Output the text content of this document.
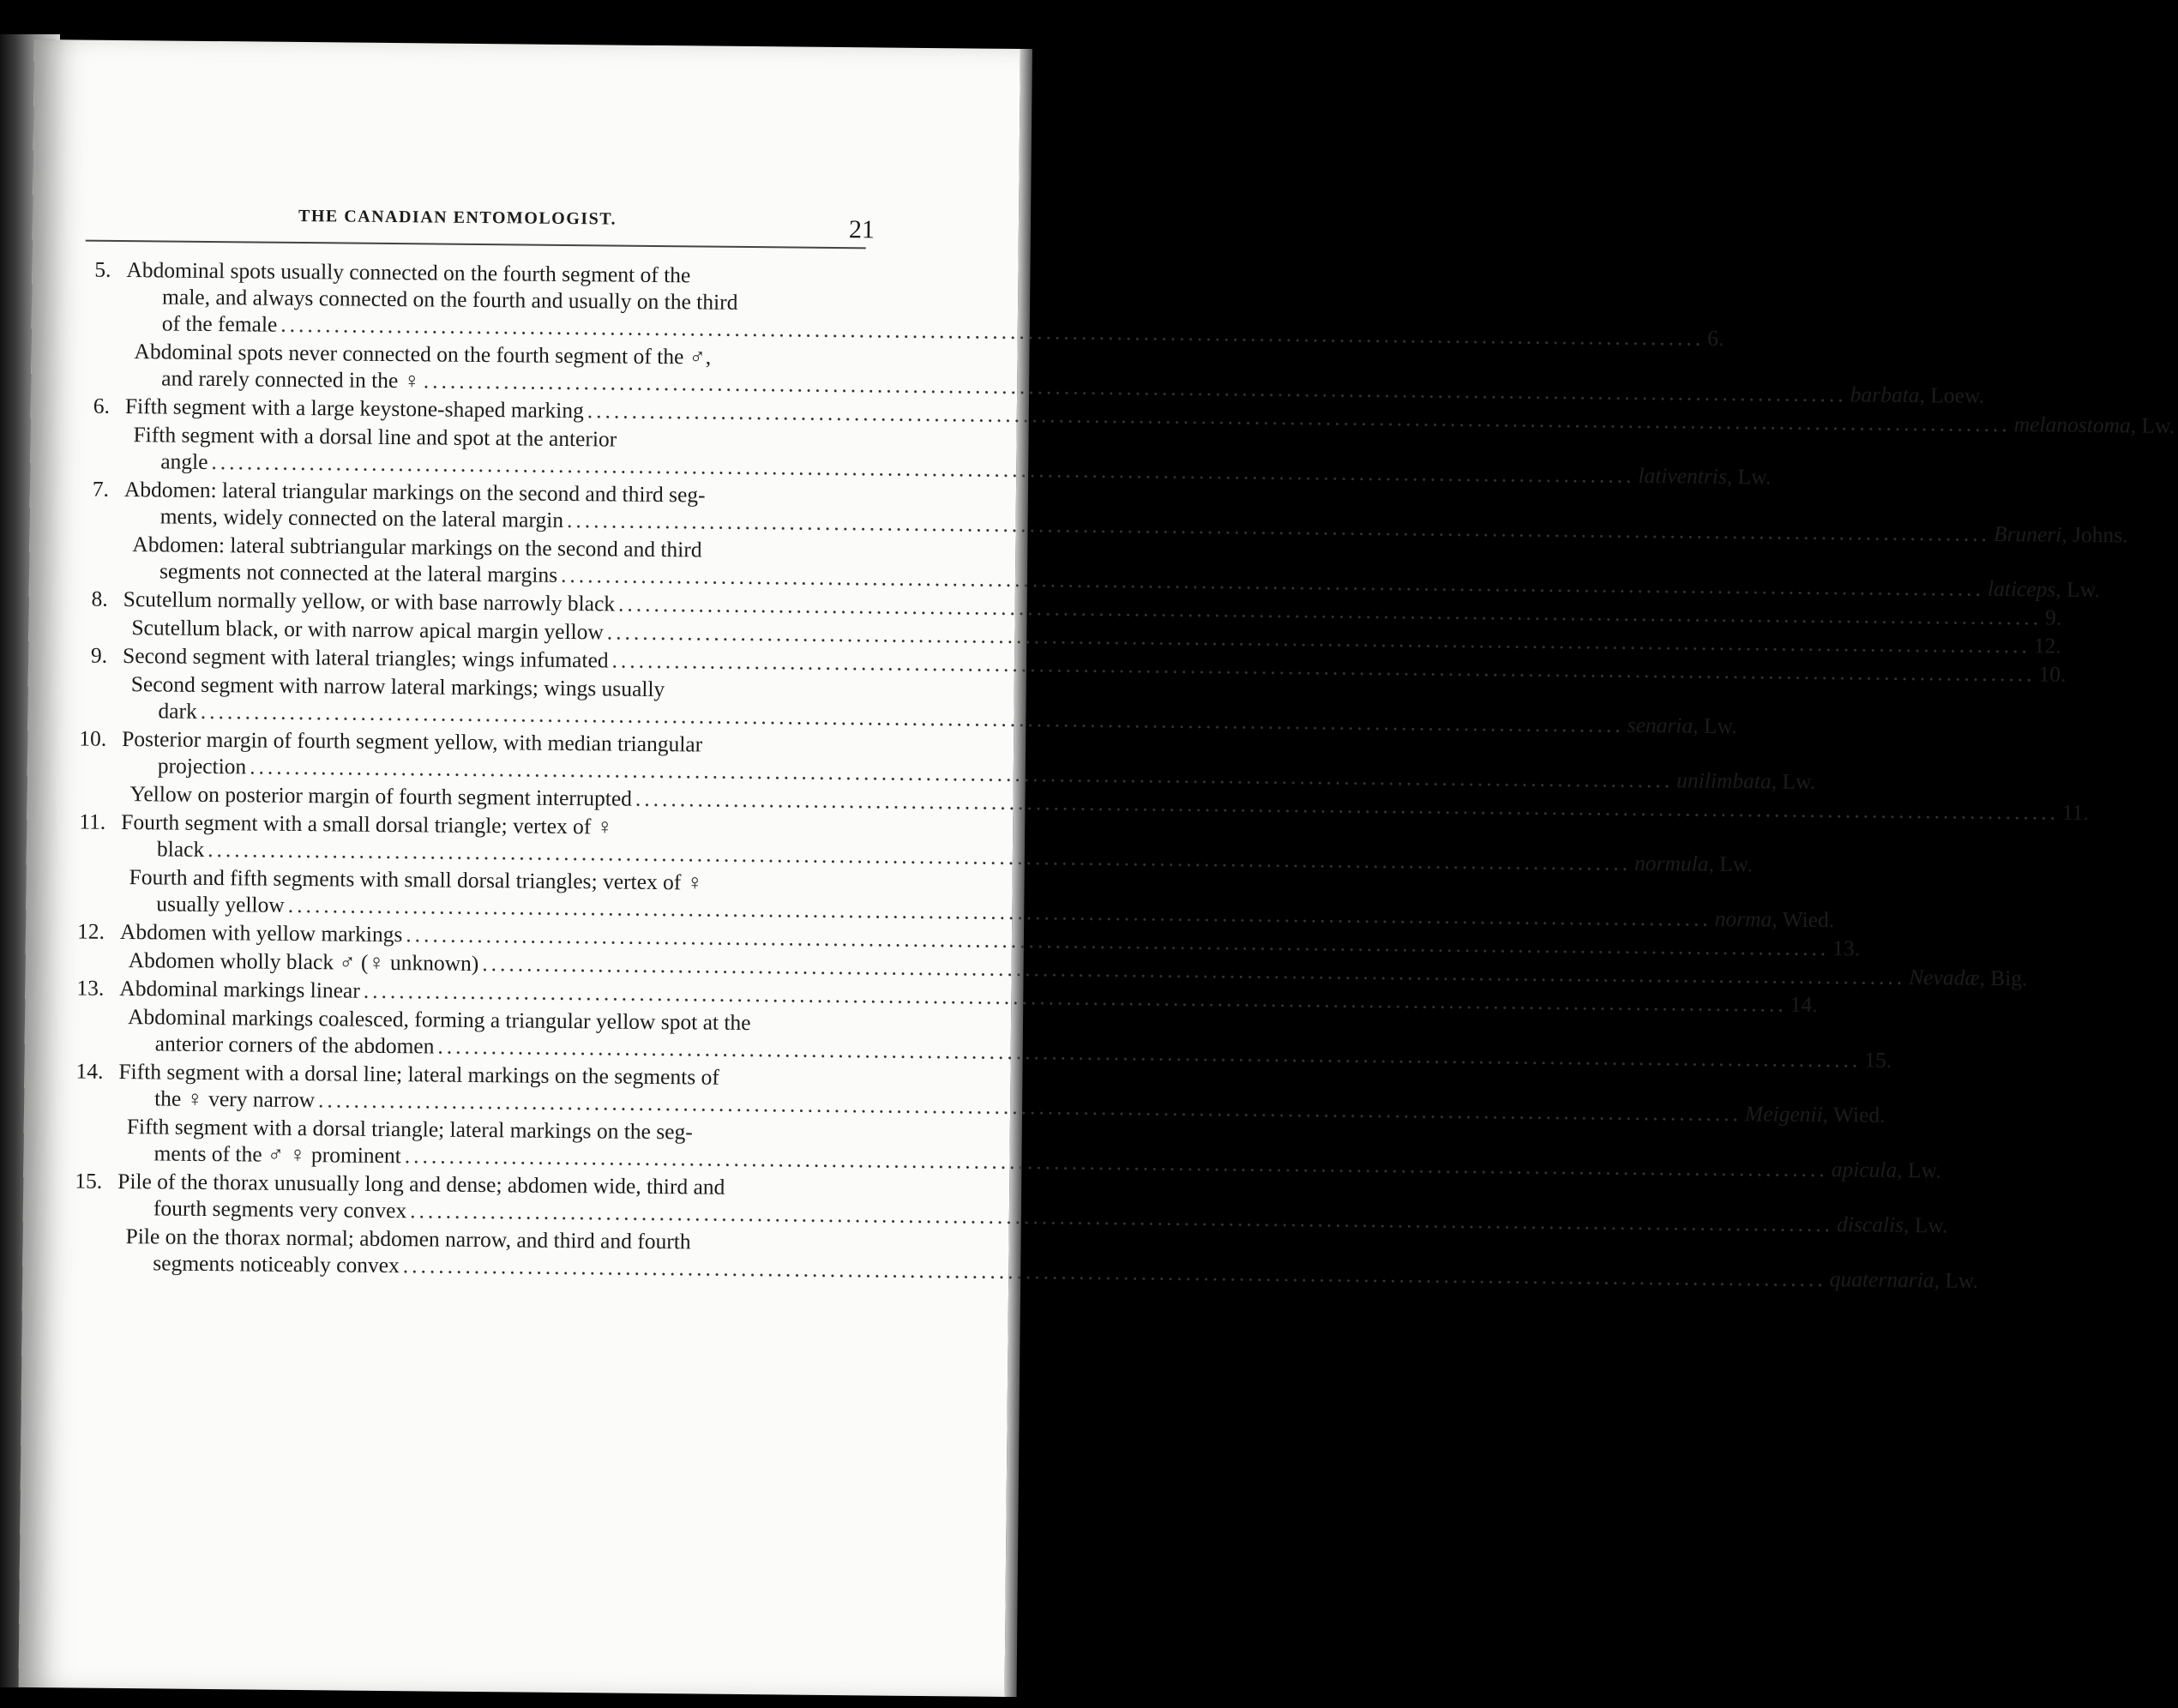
THE CANADIAN ENTOMOLOGIST.	21
5. Abdominal spots usually connected on the fourth segment of the
male, and always connected on the fourth and usually on the third
of the female
.....
6.
Abdominal spots never connected on the fourth segment of the ♂,
and rarely connected in the ♀
.....
barbata, Loew.
6. Fifth segment with a large keystone-shaped marking
.....
melanostoma, Lw.
Fifth segment with a dorsal line and spot at the anterior
angle
.....
lativentris, Lw.
7. Abdomen: lateral triangular markings on the second and third seg-
ments, widely connected on the lateral margin
.....
Bruneri, Johns.
Abdomen: lateral subtriangular markings on the second and third
segments not connected at the lateral margins
.....
laticeps, Lw.
8. Scutellum normally yellow, or with base narrowly black
.....
9.
Scutellum black, or with narrow apical margin yellow
.....
12.
9. Second segment with lateral triangles; wings infumated
.....
10.
Second segment with narrow lateral markings; wings usually
dark
.....
senaria, Lw.
10. Posterior margin of fourth segment yellow, with median triangular
projection
.....
unilimbata, Lw.
Yellow on posterior margin of fourth segment interrupted
.....
11.
11. Fourth segment with a small dorsal triangle; vertex of ♀
black
.....
normula, Lw.
Fourth and fifth segments with small dorsal triangles; vertex of ♀
usually yellow
.....
norma, Wied.
12. Abdomen with yellow markings
.....
13.
Abdomen wholly black ♂ (♀ unknown)
.....
Nevadæ, Big.
13. Abdominal markings linear
.....
14.
Abdominal markings coalesced, forming a triangular yellow spot at the
anterior corners of the abdomen
.....
15.
14. Fifth segment with a dorsal line; lateral markings on the segments of
the ♀ very narrow
.....
Meigenii, Wied.
Fifth segment with a dorsal triangle; lateral markings on the seg-
ments of the ♂ ♀ prominent
.....
apicula, Lw.
15. Pile of the thorax unusually long and dense; abdomen wide, third and
fourth segments very convex
.....
discalis, Lw.
Pile on the thorax normal; abdomen narrow, and third and fourth
segments noticeably convex
.....
quaternaria, Lw.
